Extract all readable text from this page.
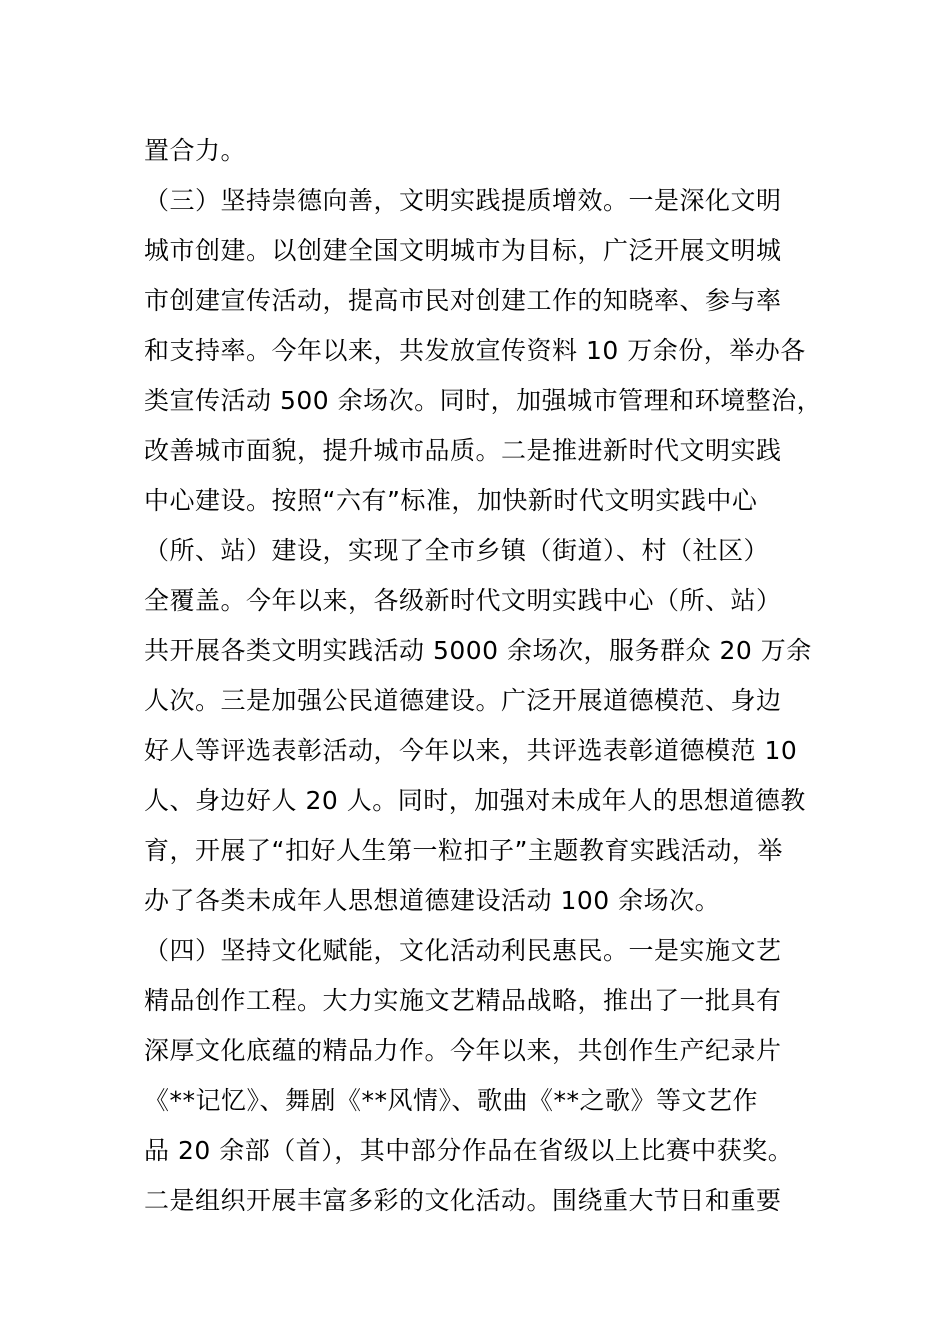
置合力。
（三）坚持崇德向善，文明实践提质增效。一是深化文明
城市创建。以创建全国文明城市为目标，广泛开展文明城
市创建宣传活动，提高市民对创建工作的知晓率、参与率
和支持率。今年以来，共发放宣传资料 10 万余份，举办各
类宣传活动 500 余场次。同时，加强城市管理和环境整治，
改善城市面貌，提升城市品质。二是推进新时代文明实践
中心建设。按照“六有”标准，加快新时代文明实践中心
（所、站）建设，实现了全市乡镇（街道）、村（社区）
全覆盖。今年以来，各级新时代文明实践中心（所、站）
共开展各类文明实践活动 5000 余场次，服务群众 20 万余
人次。三是加强公民道德建设。广泛开展道德模范、身边
好人等评选表彰活动，今年以来，共评选表彰道德模范 10
人、身边好人 20 人。同时，加强对未成年人的思想道德教
育，开展了“扣好人生第一粒扣子”主题教育实践活动，举
办了各类未成年人思想道德建设活动 100 余场次。
（四）坚持文化赋能，文化活动利民惠民。一是实施文艺
精品创作工程。大力实施文艺精品战略，推出了一批具有
深厚文化底蕴的精品力作。今年以来，共创作生产纪录片
《**记忆》、舞剧《**风情》、歌曲《**之歌》等文艺作
品 20 余部（首），其中部分作品在省级以上比赛中获奖。
二是组织开展丰富多彩的文化活动。围绕重大节日和重要
